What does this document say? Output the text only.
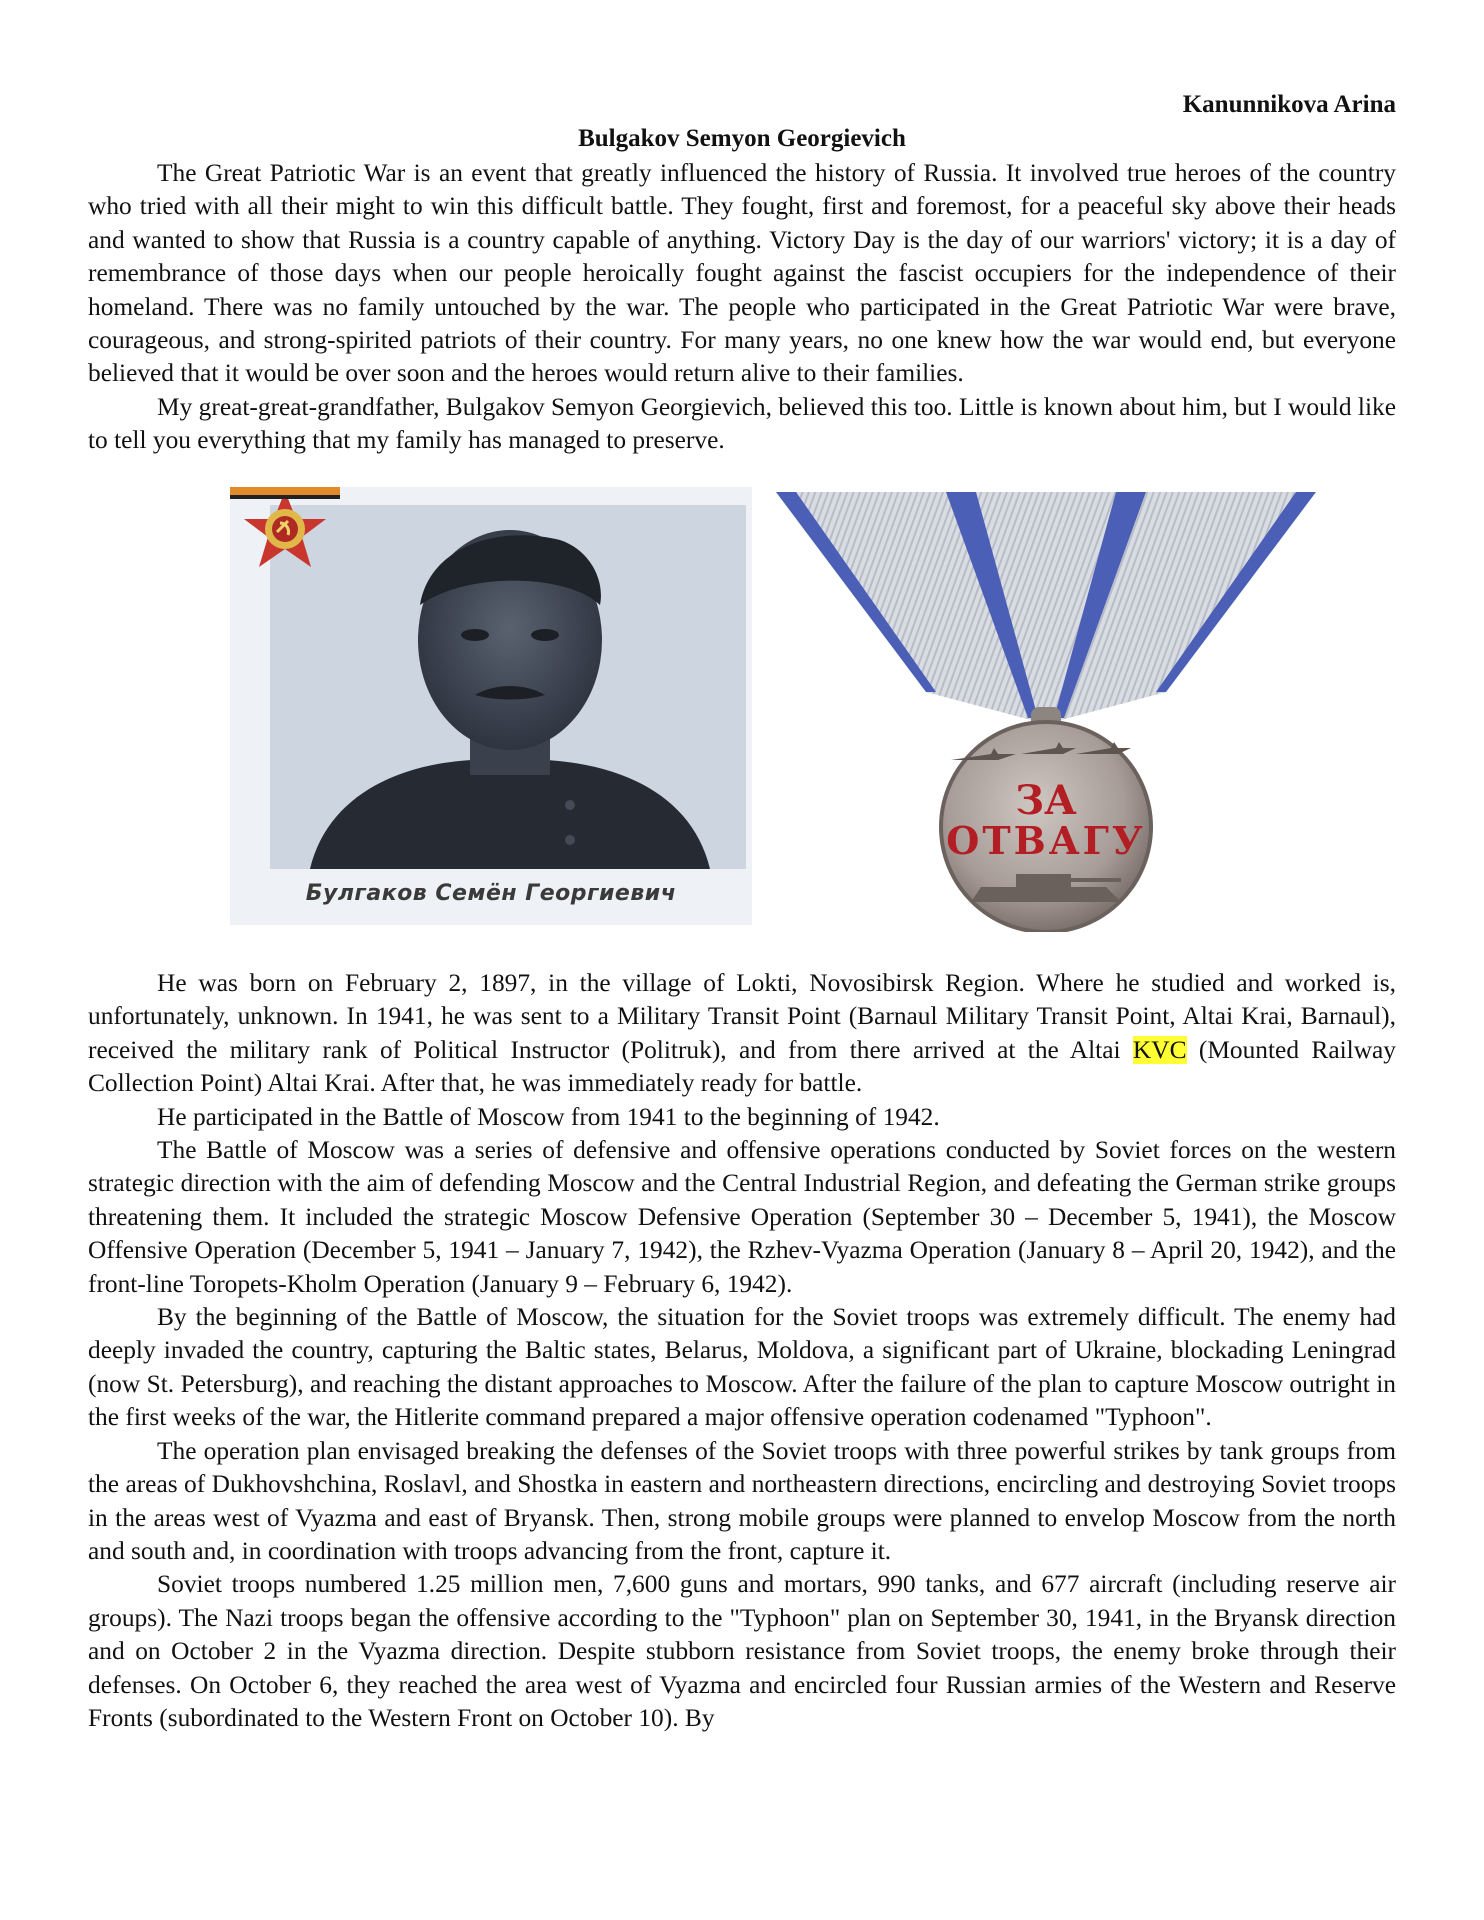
Kanunnikova Arina
Bulgakov Semyon Georgievich

The Great Patriotic War is an event that greatly influenced the history of Russia. It involved true heroes of the country who tried with all their might to win this difficult battle. They fought, first and foremost, for a peaceful sky above their heads and wanted to show that Russia is a country capable of anything. Victory Day is the day of our warriors' victory; it is a day of remembrance of those days when our people heroically fought against the fascist occupiers for the independence of their homeland. There was no family untouched by the war. The people who participated in the Great Patriotic War were brave, courageous, and strong-spirited patriots of their country. For many years, no one knew how the war would end, but everyone believed that it would be over soon and the heroes would return alive to their families.

My great-great-grandfather, Bulgakov Semyon Georgievich, believed this too. Little is known about him, but I would like to tell you everything that my family has managed to preserve.

Булгаков Семён Георгиевич
ЗА
ОТВАГУ

He was born on February 2, 1897, in the village of Lokti, Novosibirsk Region. Where he studied and worked is, unfortunately, unknown. In 1941, he was sent to a Military Transit Point (Barnaul Military Transit Point, Altai Krai, Barnaul), received the military rank of Political Instructor (Politruk), and from there arrived at the Altai KVC (Mounted Railway Collection Point) Altai Krai. After that, he was immediately ready for battle.

He participated in the Battle of Moscow from 1941 to the beginning of 1942.

The Battle of Moscow was a series of defensive and offensive operations conducted by Soviet forces on the western strategic direction with the aim of defending Moscow and the Central Industrial Region, and defeating the German strike groups threatening them. It included the strategic Moscow Defensive Operation (September 30 – December 5, 1941), the Moscow Offensive Operation (December 5, 1941 – January 7, 1942), the Rzhev-Vyazma Operation (January 8 – April 20, 1942), and the front-line Toropets-Kholm Operation (January 9 – February 6, 1942).

By the beginning of the Battle of Moscow, the situation for the Soviet troops was extremely difficult. The enemy had deeply invaded the country, capturing the Baltic states, Belarus, Moldova, a significant part of Ukraine, blockading Leningrad (now St. Petersburg), and reaching the distant approaches to Moscow. After the failure of the plan to capture Moscow outright in the first weeks of the war, the Hitlerite command prepared a major offensive operation codenamed "Typhoon".

The operation plan envisaged breaking the defenses of the Soviet troops with three powerful strikes by tank groups from the areas of Dukhovshchina, Roslavl, and Shostka in eastern and northeastern directions, encircling and destroying Soviet troops in the areas west of Vyazma and east of Bryansk. Then, strong mobile groups were planned to envelop Moscow from the north and south and, in coordination with troops advancing from the front, capture it.

Soviet troops numbered 1.25 million men, 7,600 guns and mortars, 990 tanks, and 677 aircraft (including reserve air groups). The Nazi troops began the offensive according to the "Typhoon" plan on September 30, 1941, in the Bryansk direction and on October 2 in the Vyazma direction. Despite stubborn resistance from Soviet troops, the enemy broke through their defenses. On October 6, they reached the area west of Vyazma and encircled four Russian armies of the Western and Reserve Fronts (subordinated to the Western Front on October 10). By
